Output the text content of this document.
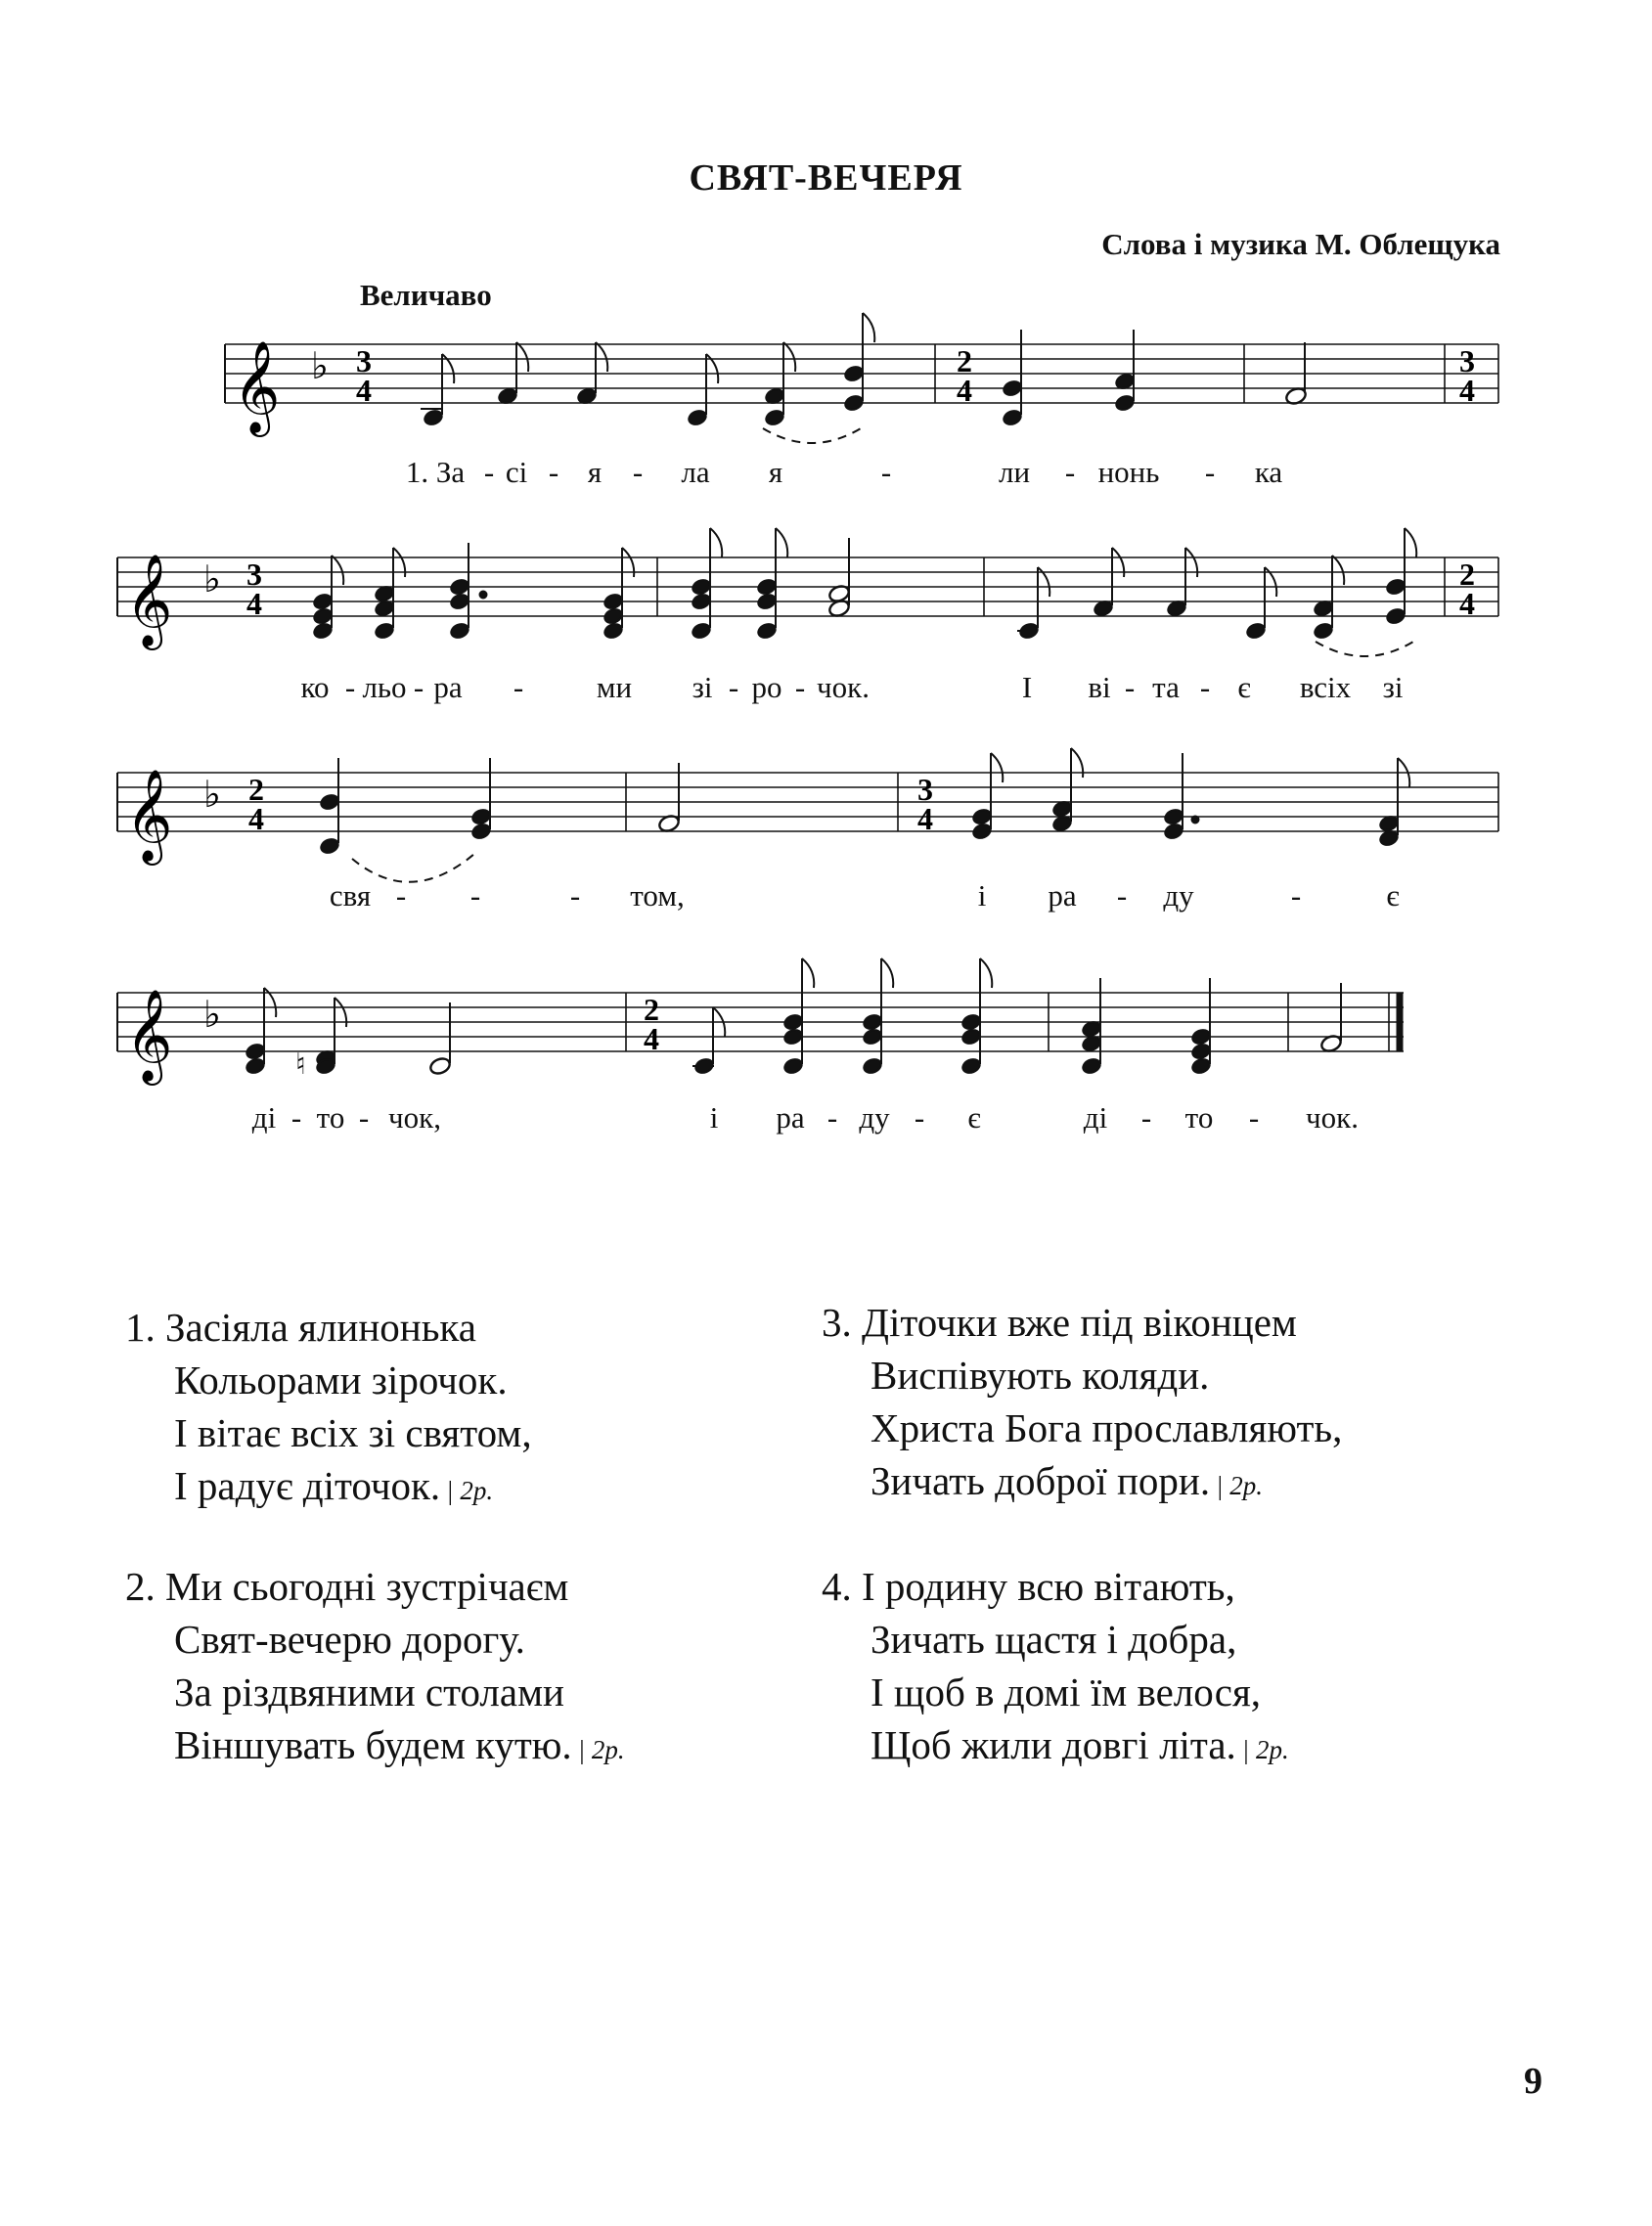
СВЯТ-ВЕЧЕРЯ
Слова і музика М. Облещука
Величаво
𝄞 ♭ 3
4
2
4
3
4
𝄞 ♭ 3
4
2
4
𝄞 ♭ 2
4
3
4
𝄞 ♭	2
4
♮
1. За - сі - я - ла я	-	ли - нонь - ка
ко - льо - ра - ми зі - ро - чок.	І ві - та - є всіх зі
свя - -	- том,	і ра - ду	-	є
ді - то - чок,	і ра - ду - є	ді - то - чок.
1. Засіяла ялинонька
Кольорами зірочок.
І вітає всіх зі святом,
І радує діточок. | 2р.
2. Ми сьогодні зустрічаєм
Свят-вечерю дорогу.
За різдвяними столами
Віншувать будем кутю. | 2р.
3. Діточки вже під віконцем
Виспівують коляди.
Христа Бога прославляють,
Зичать доброї пори. | 2р.
4. І родину всю вітають,
Зичать щастя і добра,
І щоб в домі їм велося,
Щоб жили довгі літа. | 2р.
9
